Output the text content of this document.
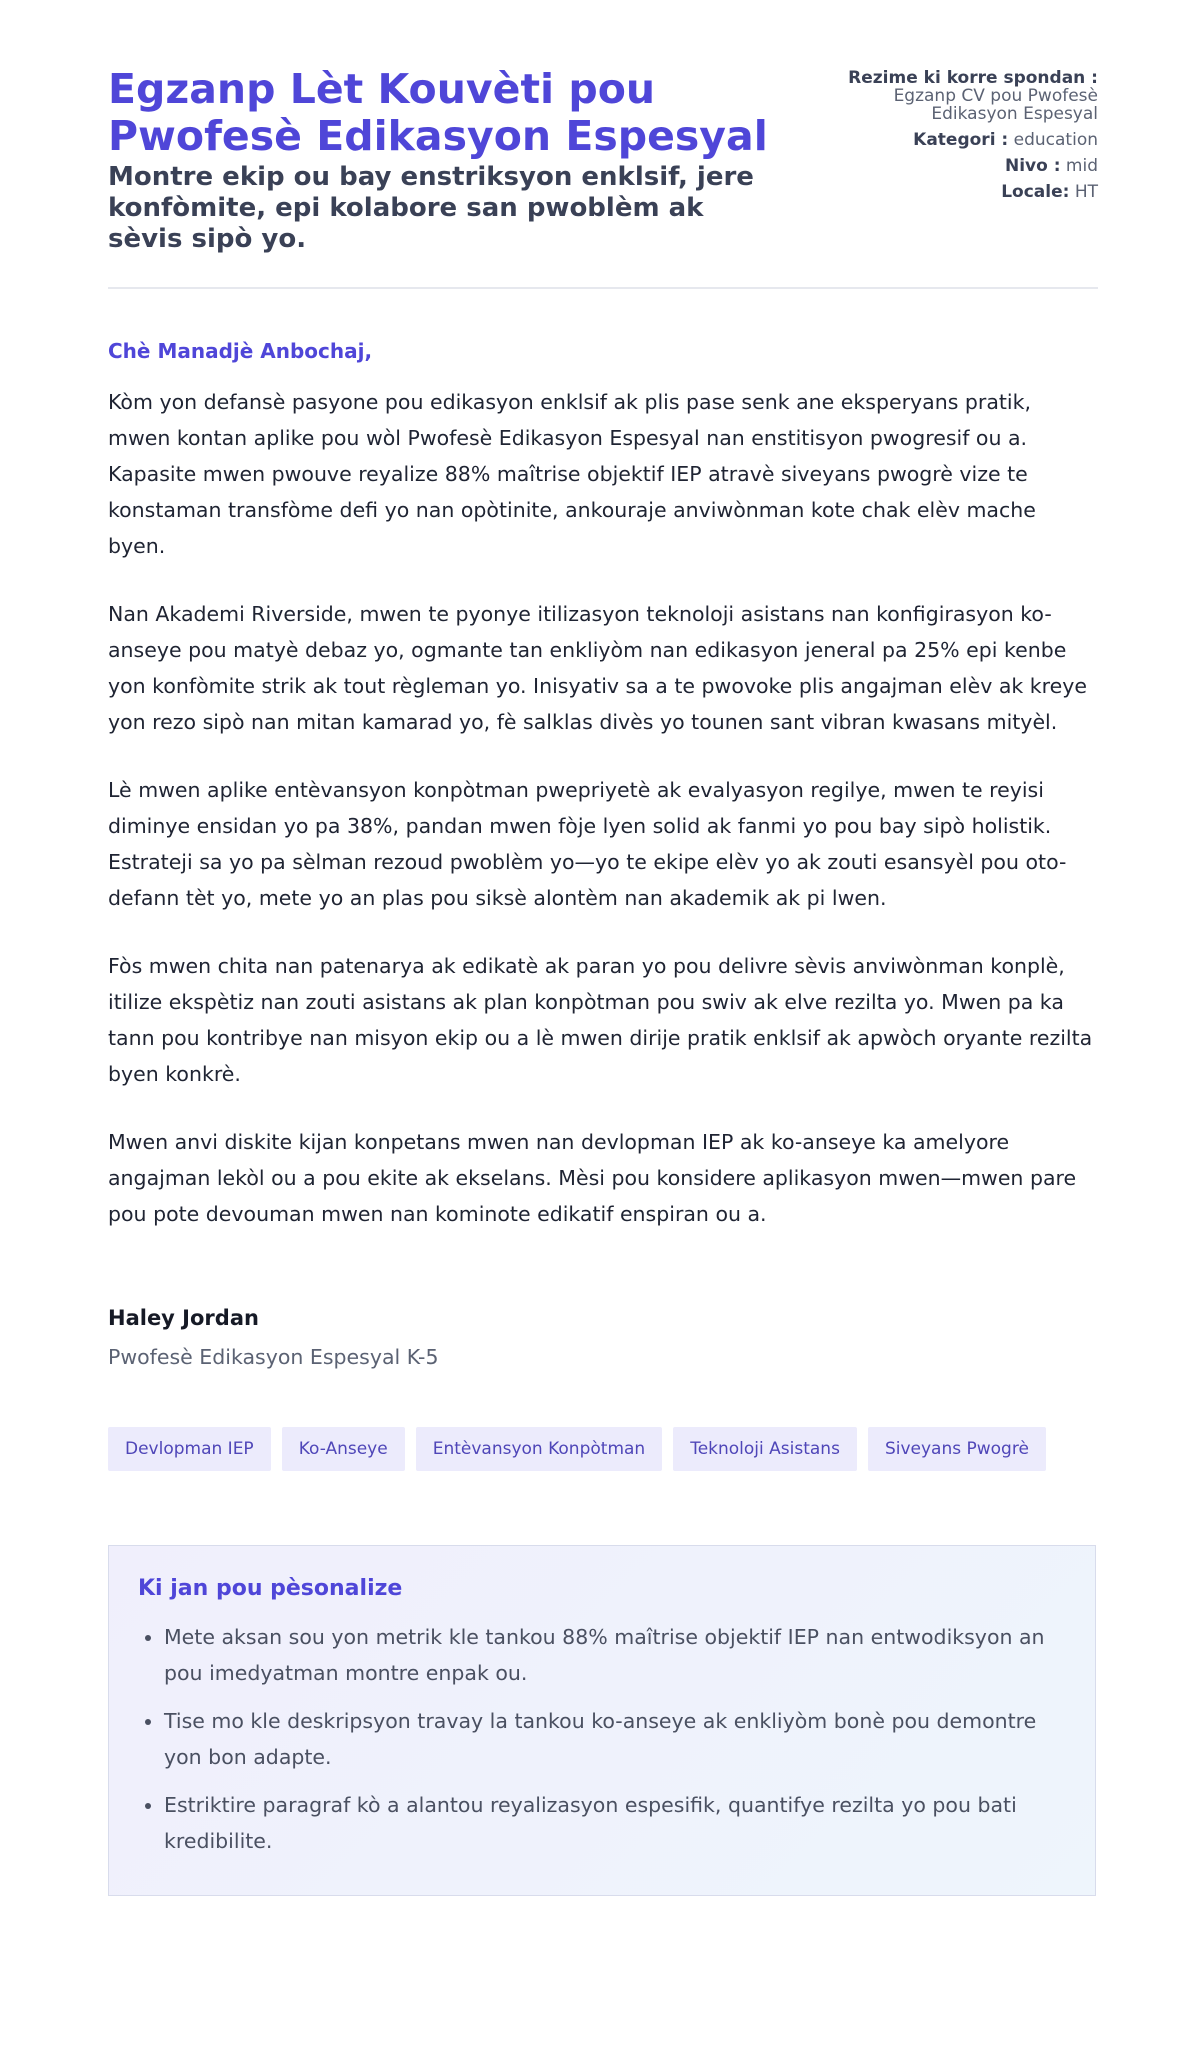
Egzanp Lèt Kouvèti pou Pwofesè Edikasyon Espesyal
Montre ekip ou bay enstriksyon enklsif, jere konfòmite, epi kolabore san pwoblèm ak sèvis sipò yo.
Rezime ki korre spondan :
Egzanp CV pou Pwofesè Edikasyon Espesyal
Kategori : education
Nivo : mid
Locale: HT
Chè Manadjè Anbochaj,

Kòm yon defansè pasyone pou edikasyon enklsif ak plis pase senk ane eksperyans pratik, mwen kontan aplike pou wòl Pwofesè Edikasyon Espesyal nan enstitisyon pwogresif ou a. Kapasite mwen pwouve reyalize 88% maîtrise objektif IEP atravè siveyans pwogrè vize te konstaman transfòme defi yo nan opòtinite, ankouraje anviwònman kote chak elèv mache byen.

Nan Akademi Riverside, mwen te pyonye itilizasyon teknoloji asistans nan konfigirasyon ko-anseye pou matyè debaz yo, ogmante tan enkliyòm nan edikasyon jeneral pa 25% epi kenbe yon konfòmite strik ak tout règleman yo. Inisyativ sa a te pwovoke plis angajman elèv ak kreye yon rezo sipò nan mitan kamarad yo, fè salklas divès yo tounen sant vibran kwasans mityèl.

Lè mwen aplike entèvansyon konpòtman pwepriyetè ak evalyasyon regilye, mwen te reyisi diminye ensidan yo pa 38%, pandan mwen fòje lyen solid ak fanmi yo pou bay sipò holistik. Estrateji sa yo pa sèlman rezoud pwoblèm yo—yo te ekipe elèv yo ak zouti esansyèl pou oto-defann tèt yo, mete yo an plas pou siksè alontèm nan akademik ak pi lwen.

Fòs mwen chita nan patenarya ak edikatè ak paran yo pou delivre sèvis anviwònman konplè, itilize ekspètiz nan zouti asistans ak plan konpòtman pou swiv ak elve rezilta yo. Mwen pa ka tann pou kontribye nan misyon ekip ou a lè mwen dirije pratik enklsif ak apwòch oryante rezilta byen konkrè.

Mwen anvi diskite kijan konpetans mwen nan devlopman IEP ak ko-anseye ka amelyore angajman lekòl ou a pou ekite ak ekselans. Mèsi pou konsidere aplikasyon mwen—mwen pare pou pote devouman mwen nan kominote edikatif enspiran ou a.

Haley Jordan
Pwofesè Edikasyon Espesyal K-5
Devlopman IEP	Ko-Anseye	Entèvansyon Konpòtman	Teknoloji Asistans	Siveyans Pwogrè
Ki jan pou pèsonalize
• Mete aksan sou yon metrik kle tankou 88% maîtrise objektif IEP nan entwodiksyon an pou imedyatman montre enpak ou.
• Tise mo kle deskripsyon travay la tankou ko-anseye ak enkliyòm bonè pou demontre yon bon adapte.
• Estriktire paragraf kò a alantou reyalizasyon espesifik, quantifye rezilta yo pou bati kredibilite.
